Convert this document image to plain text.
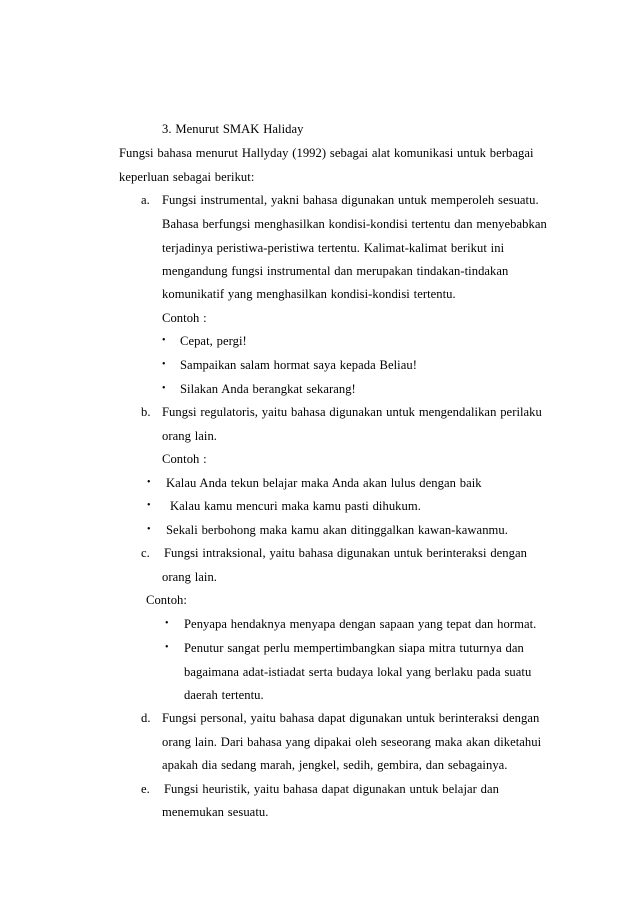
3. Menurut SMAK Haliday
Fungsi bahasa menurut Hallyday (1992) sebagai alat komunikasi untuk berbagai
keperluan sebagai berikut:
a. Fungsi instrumental, yakni bahasa digunakan untuk memperoleh sesuatu.
Bahasa berfungsi menghasilkan kondisi-kondisi tertentu dan menyebabkan
terjadinya peristiwa-peristiwa tertentu. Kalimat-kalimat berikut ini
mengandung fungsi instrumental dan merupakan tindakan-tindakan
komunikatif yang menghasilkan kondisi-kondisi tertentu.
Contoh :
• Cepat, pergi!
• Sampaikan salam hormat saya kepada Beliau!
• Silakan Anda berangkat sekarang!
b. Fungsi regulatoris, yaitu bahasa digunakan untuk mengendalikan perilaku
orang lain.
Contoh :
• Kalau Anda tekun belajar maka Anda akan lulus dengan baik
• Kalau kamu mencuri maka kamu pasti dihukum.
• Sekali berbohong maka kamu akan ditinggalkan kawan-kawanmu.
c. Fungsi intraksional, yaitu bahasa digunakan untuk berinteraksi dengan
orang lain.
Contoh:
• Penyapa hendaknya menyapa dengan sapaan yang tepat dan hormat.
• Penutur sangat perlu mempertimbangkan siapa mitra tuturnya dan
bagaimana adat-istiadat serta budaya lokal yang berlaku pada suatu
daerah tertentu.
d. Fungsi personal, yaitu bahasa dapat digunakan untuk berinteraksi dengan
orang lain. Dari bahasa yang dipakai oleh seseorang maka akan diketahui
apakah dia sedang marah, jengkel, sedih, gembira, dan sebagainya.
e. Fungsi heuristik, yaitu bahasa dapat digunakan untuk belajar dan
menemukan sesuatu.
